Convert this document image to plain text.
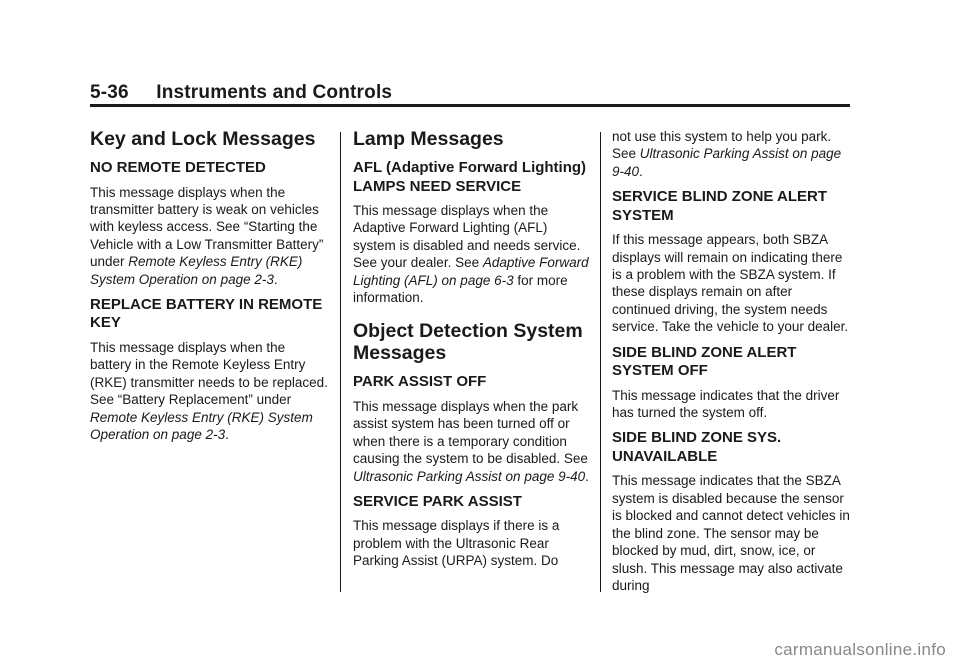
5-36     Instruments and Controls
Key and Lock Messages
NO REMOTE DETECTED

This message displays when the transmitter battery is weak on vehicles with keyless access. See “Starting the Vehicle with a Low Transmitter Battery” under Remote Keyless Entry (RKE) System Operation on page 2-3.

REPLACE BATTERY IN REMOTE KEY

This message displays when the battery in the Remote Keyless Entry (RKE) transmitter needs to be replaced. See “Battery Replacement” under Remote Keyless Entry (RKE) System Operation on page 2-3.

Lamp Messages
AFL (Adaptive Forward Lighting) LAMPS NEED SERVICE

This message displays when the Adaptive Forward Lighting (AFL) system is disabled and needs service. See your dealer. See Adaptive Forward Lighting (AFL) on page 6-3 for more information.

Object Detection System Messages
PARK ASSIST OFF

This message displays when the park assist system has been turned off or when there is a temporary condition causing the system to be disabled. See Ultrasonic Parking Assist on page 9-40.

SERVICE PARK ASSIST

This message displays if there is a problem with the Ultrasonic Rear Parking Assist (URPA) system. Do

not use this system to help you park. See Ultrasonic Parking Assist on page 9-40.

SERVICE BLIND ZONE ALERT SYSTEM

If this message appears, both SBZA displays will remain on indicating there is a problem with the SBZA system. If these displays remain on after continued driving, the system needs service. Take the vehicle to your dealer.

SIDE BLIND ZONE ALERT SYSTEM OFF

This message indicates that the driver has turned the system off.

SIDE BLIND ZONE SYS. UNAVAILABLE

This message indicates that the SBZA system is disabled because the sensor is blocked and cannot detect vehicles in the blind zone. The sensor may be blocked by mud, dirt, snow, ice, or slush. This message may also activate during

carmanualsonline.info
